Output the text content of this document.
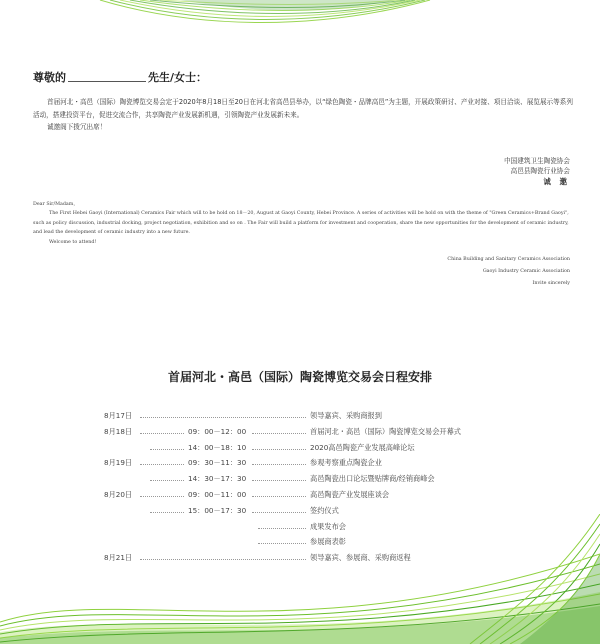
尊敬的	先生/女士：

首届河北・高邑（国际）陶瓷博览交易会定于2020年8月18日至20日在河北省高邑县举办，以“绿色陶瓷・品牌高邑”为主题，开展政策研讨、产业对接、项目洽谈、展览展示等系列活动，搭建投资平台，促进交流合作，共享陶瓷产业发展新机遇，引领陶瓷产业发展新未来。

诚邀阁下拨冗出席！

中国建筑卫生陶瓷协会
高邑县陶瓷行业协会
诚 邀
Dear Sir/Madam，
The First Hebei Gaoyi (International) Ceramics Fair which will to be hold on 18－20, August at Gaoyi County, Hebei Province. A series of activities will be hold on with the theme of "Green Ceramics+Brand Gaoyi", such as policy discussion, industrial docking, project negotiation, exhibition and so on . The Fair will build a platform for investment and cooperation, share the new opportunities for the development of ceramic industry, and lead the development of ceramic industry into a new future.
Welcome to attend!
China Building and Sanitary Ceramics Association
Gaoyi Industry Ceramic Association
Invite sincerely
首届河北・高邑（国际）陶瓷博览交易会日程安排
8月17日	领导嘉宾、采购商报到
8月18日	09：00－12：00	首届河北・高邑（国际）陶瓷博览交易会开幕式
14：00－18：10	2020高邑陶瓷产业发展高峰论坛
8月19日	09：30－11：30	参观考察重点陶瓷企业
14：30－17：30	高邑陶瓷出口论坛暨贴牌商/经销商峰会
8月20日	09：00－11：00	高邑陶瓷产业发展座谈会
15：00－17：30	签约仪式
成果发布会
参展商表彰
8月21日	领导嘉宾、参展商、采购商返程
